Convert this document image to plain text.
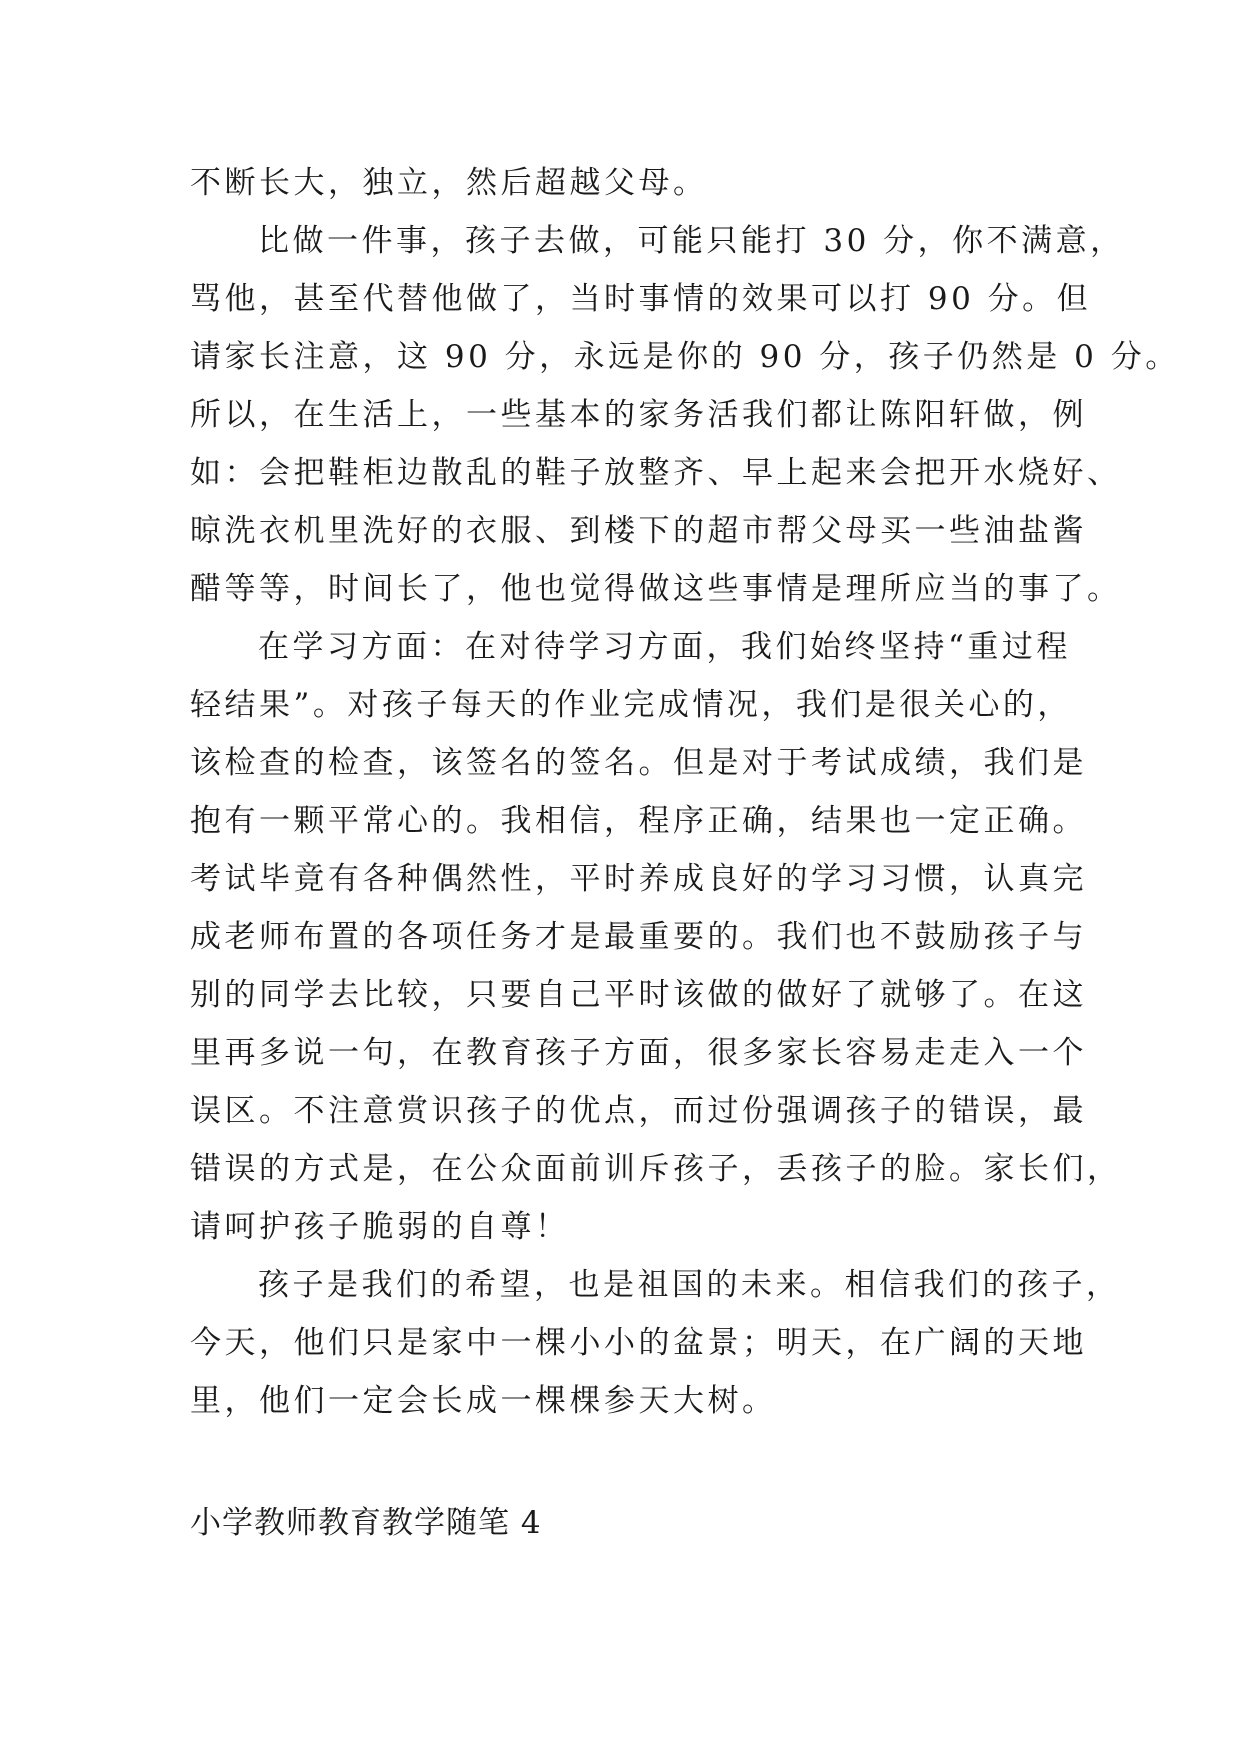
不断长大，独立，然后超越父母。
比做一件事，孩子去做，可能只能打 30 分，你不满意，
骂他，甚至代替他做了，当时事情的效果可以打 90 分。但
请家长注意，这 90 分，永远是你的 90 分，孩子仍然是 0 分。
所以，在生活上，一些基本的家务活我们都让陈阳轩做，例
如：会把鞋柜边散乱的鞋子放整齐、早上起来会把开水烧好、
晾洗衣机里洗好的衣服、到楼下的超市帮父母买一些油盐酱
醋等等，时间长了，他也觉得做这些事情是理所应当的事了。
在学习方面：在对待学习方面，我们始终坚持“重过程
轻结果”。对孩子每天的作业完成情况，我们是很关心的，
该检查的检查，该签名的签名。但是对于考试成绩，我们是
抱有一颗平常心的。我相信，程序正确，结果也一定正确。
考试毕竟有各种偶然性，平时养成良好的学习习惯，认真完
成老师布置的各项任务才是最重要的。我们也不鼓励孩子与
别的同学去比较，只要自己平时该做的做好了就够了。在这
里再多说一句，在教育孩子方面，很多家长容易走走入一个
误区。不注意赏识孩子的优点，而过份强调孩子的错误，最
错误的方式是，在公众面前训斥孩子，丢孩子的脸。家长们，
请呵护孩子脆弱的自尊！
孩子是我们的希望，也是祖国的未来。相信我们的孩子，
今天，他们只是家中一棵小小的盆景；明天，在广阔的天地
里，他们一定会长成一棵棵参天大树。
小学教师教育教学随笔 4
